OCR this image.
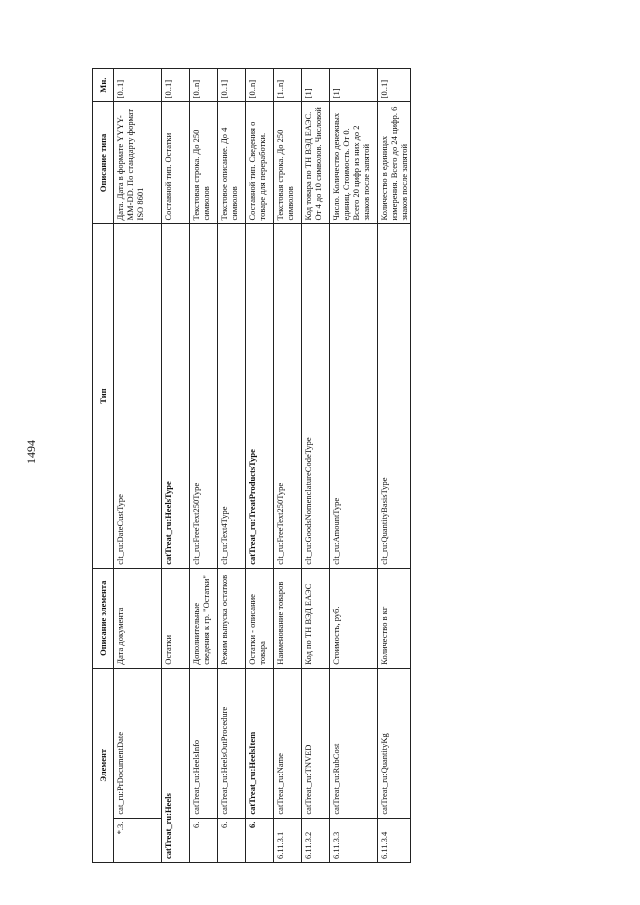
1494
Элемент		Описание элемента	Тип	Описание типа	Мн.
*.3.	cat_ru:PrDocumentDate	Дата документа	clt_ru:DateCustType	Дата. Дата в формате YYYY-MM-DD. По стандарту формат ISO 8601	[0..1]
catTreat_ru:Heels		Остатки	catTreat_ru:HeelsType	Составной тип. Остатки	[0..1]
6.	catTreat_ru:HeelsInfo	Дополнительные сведения к гр. "Остатки"	clt_ru:FreeText250Type	Текстовая строка. До 250 символов	[0..n]
6.	catTreat_ru:HeelsOutProcedure	Режим выпуска остатков	clt_ru:Text4Type	Текстовое описание. До 4 символов	[0..1]
6.	catTreat_ru:HeelsItem	Остатки - описание товара	catTreat_ru:TreatProductsType	Составной тип. Сведения о товаре для переработки.	[0..n]
6.11.3.1	catTreat_ru:Name	Наименование товаров	clt_ru:FreeText250Type	Текстовая строка. До 250 символов	[1..n]
6.11.3.2	catTreat_ru:TNVED	Код по ТН ВЭД ЕАЭС	clt_ru:GoodsNomenclatureCodeType	Код товара по ТН ВЭД ЕАЭС. От 4 до 10 символов. Числовой	[1]
6.11.3.3	catTreat_ru:RubCost	Стоимость, руб.	clt_ru:AmountType	Число. Количество денежных единиц. Стоимость. От 0. Всего 20 цифр из них до 2 знаков после запятой	[1]
6.11.3.4	catTreat_ru:QuantityKg	Количество в кг	clt_ru:QuantityBasisType	Количество в единицах измерения. Всего до 24 цифр. 6 знаков после запятой	[0..1]
